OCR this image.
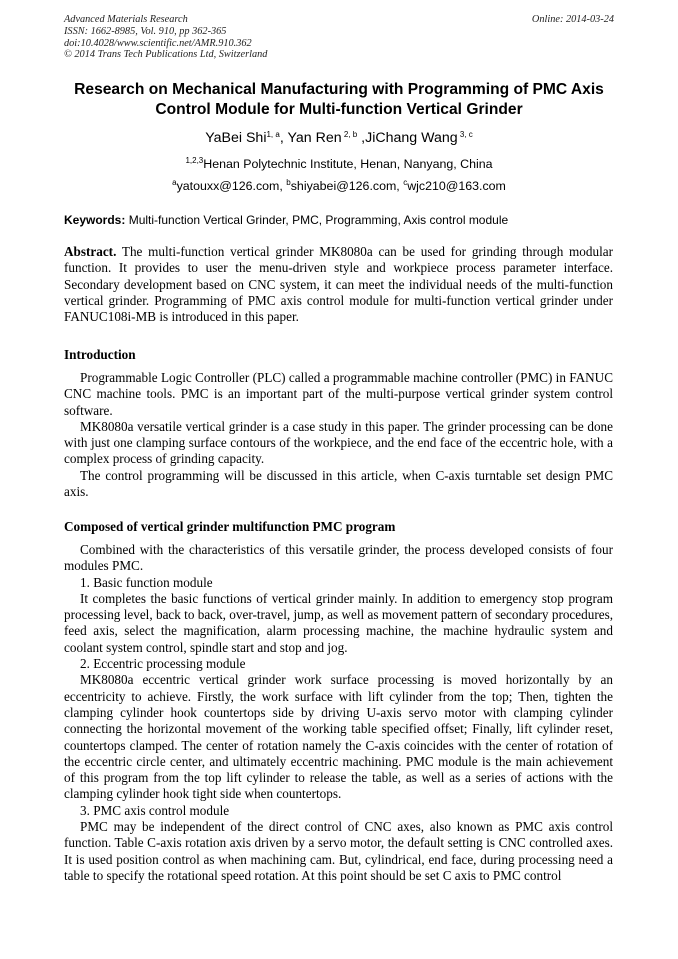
Advanced Materials Research
ISSN: 1662-8985, Vol. 910, pp 362-365
doi:10.4028/www.scientific.net/AMR.910.362
© 2014 Trans Tech Publications Ltd, Switzerland
Online: 2014-03-24
Research on Mechanical Manufacturing with Programming of PMC Axis
Control Module for Multi-function Vertical Grinder
YaBei Shi$^{1, a}$, Yan Ren $^{2, b}$ ,JiChang Wang $^{3, c}$
$^{1,2,3}$Henan Polytechnic Institute, Henan, Nanyang, China
$^a$yatouxx@126.com, $^b$shiyabei@126.com, $^c$wjc210@163.com
Keywords: Multi-function Vertical Grinder, PMC, Programming, Axis control module

Abstract. The multi-function vertical grinder MK8080a can be used for grinding through modular function. It provides to user the menu-driven style and workpiece process parameter interface. Secondary development based on CNC system, it can meet the individual needs of the multi-function vertical grinder. Programming of PMC axis control module for multi-function vertical grinder under FANUC108i-MB is introduced in this paper.

Introduction

Programmable Logic Controller (PLC) called a programmable machine controller (PMC) in FANUC CNC machine tools. PMC is an important part of the multi-purpose vertical grinder system control software.

MK8080a versatile vertical grinder is a case study in this paper. The grinder processing can be done with just one clamping surface contours of the workpiece, and the end face of the eccentric hole, with a complex process of grinding capacity.

The control programming will be discussed in this article, when C-axis turntable set design PMC axis.

Composed of vertical grinder multifunction PMC program

Combined with the characteristics of this versatile grinder, the process developed consists of four modules PMC.

1. Basic function module

It completes the basic functions of vertical grinder mainly. In addition to emergency stop program processing level, back to back, over-travel, jump, as well as movement pattern of secondary procedures, feed axis, select the magnification, alarm processing machine, the machine hydraulic system and coolant system control, spindle start and stop and jog.

2. Eccentric processing module

MK8080a eccentric vertical grinder work surface processing is moved horizontally by an eccentricity to achieve. Firstly, the work surface with lift cylinder from the top; Then, tighten the clamping cylinder hook countertops side by driving U-axis servo motor with clamping cylinder connecting the horizontal movement of the working table specified offset; Finally, lift cylinder reset, countertops clamped. The center of rotation namely the C-axis coincides with the center of rotation of the eccentric circle center, and ultimately eccentric machining. PMC module is the main achievement of this program from the top lift cylinder to release the table, as well as a series of actions with the clamping cylinder hook tight side when countertops.

3. PMC axis control module

PMC may be independent of the direct control of CNC axes, also known as PMC axis control function. Table C-axis rotation axis driven by a servo motor, the default setting is CNC controlled axes. It is used position control as when machining cam. But, cylindrical, end face, during processing need a table to specify the rotational speed rotation. At this point should be set C axis to PMC control
